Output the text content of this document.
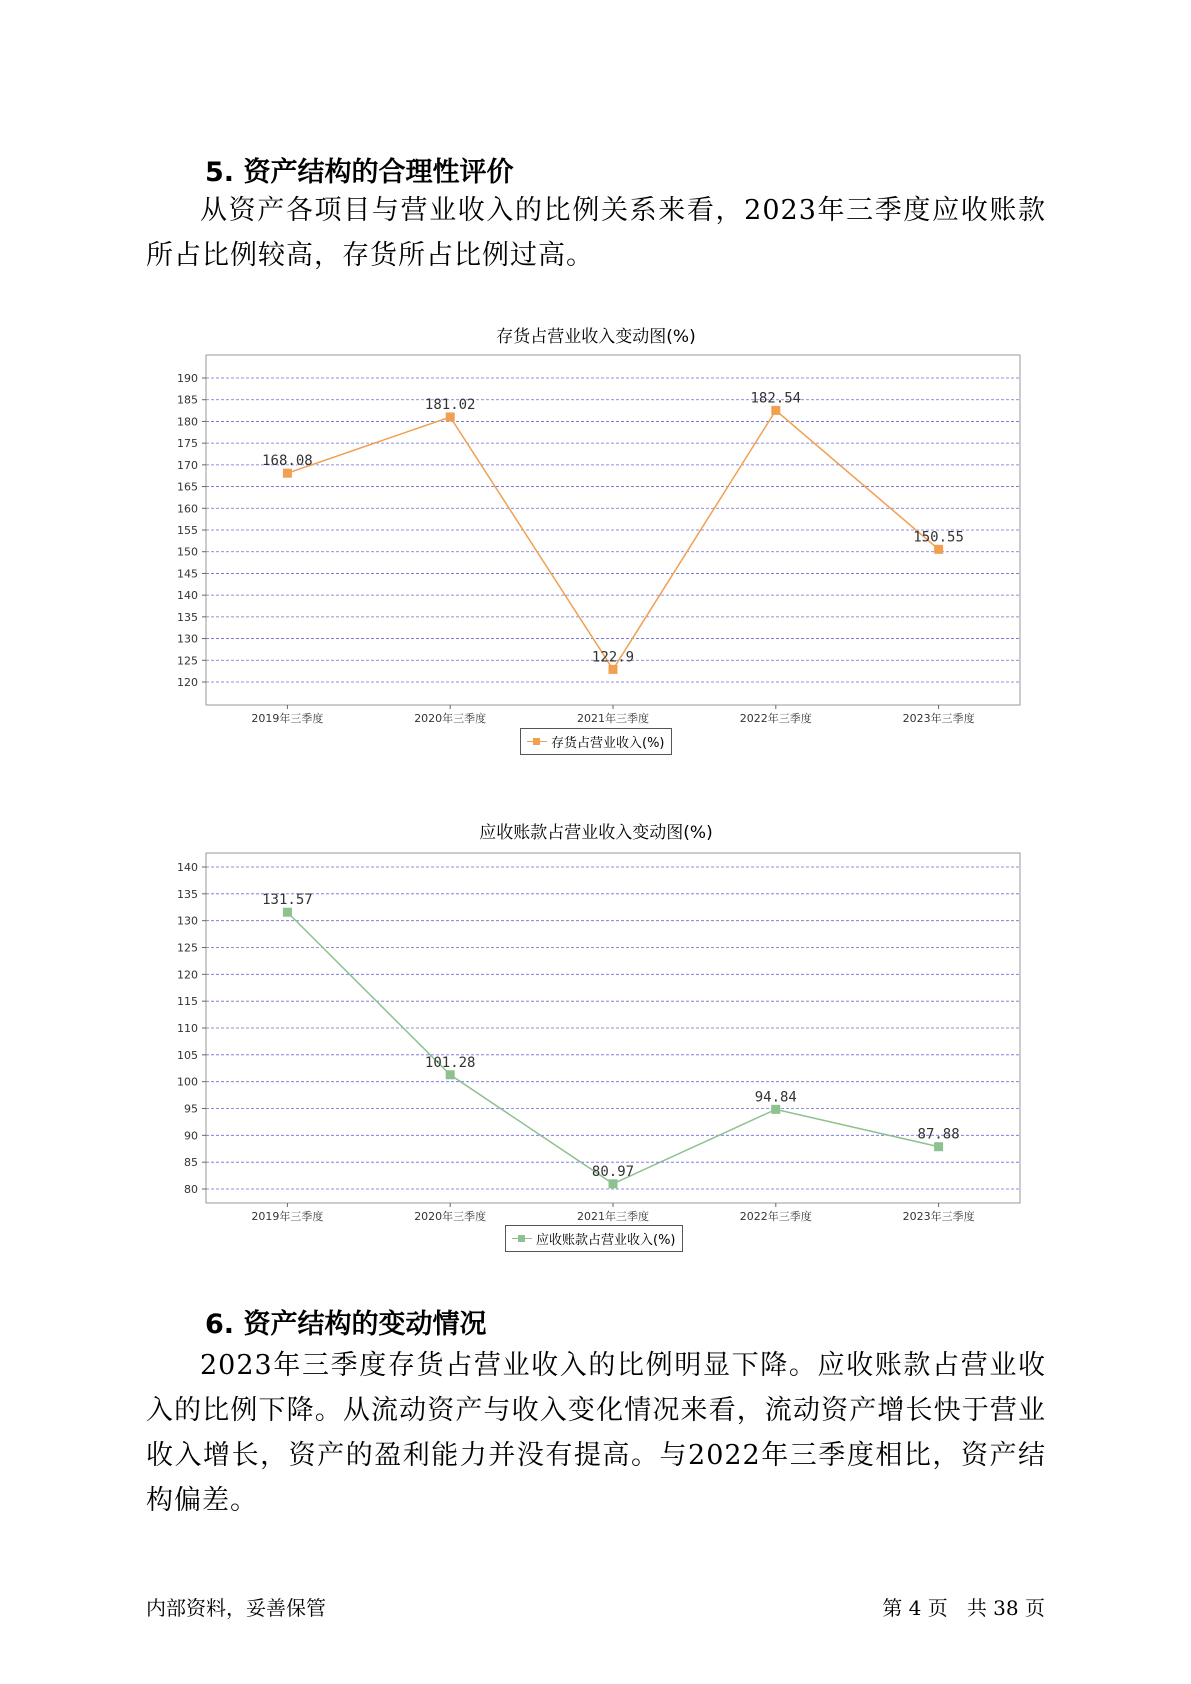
5. 资产结构的合理性评价

从资产各项目与营业收入的比例关系来看，2023年三季度应收账款所占比例较高，存货所占比例过高。

存货占营业收入变动图(%)
120
125
130
135
140
145
150
155
160
165
170
175
180
185
190
2019年三季度	2020年三季度	2021年三季度	2022年三季度	2023年三季度
168.08
181.02
122.9
182.54
150.55
存货占营业收入(%)
应收账款占营业收入变动图(%)
80
85
90
95
100
105
110
115
120
125
130
135
140
2019年三季度	2020年三季度	2021年三季度	2022年三季度	2023年三季度
131.57
101.28
80.97
94.84
87.88
应收账款占营业收入(%)
6. 资产结构的变动情况

2023年三季度存货占营业收入的比例明显下降。应收账款占营业收入的比例下降。从流动资产与收入变化情况来看，流动资产增长快于营业收入增长，资产的盈利能力并没有提高。与2022年三季度相比，资产结构偏差。

内部资料，妥善保管	第 4 页   共 38 页
